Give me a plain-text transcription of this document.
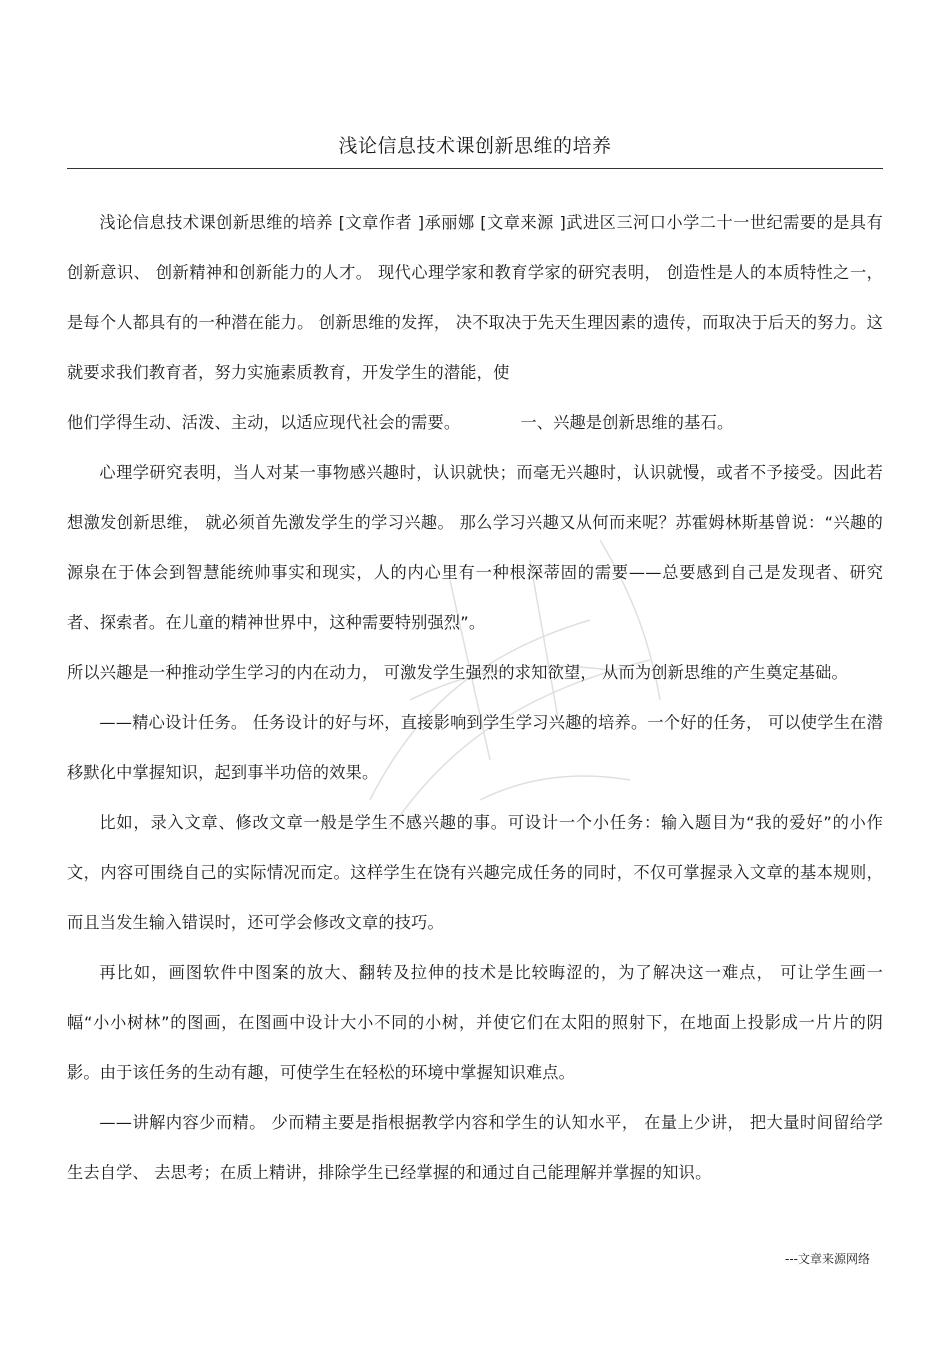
浅论信息技术课创新思维的培养

浅论信息技术课创新思维的培养 [文章作者 ]承丽娜 [文章来源 ]武进区三河口小学二十一世纪需要的是具有创新意识、 创新精神和创新能力的人才。 现代心理学家和教育学家的研究表明， 创造性是人的本质特性之一， 是每个人都具有的一种潜在能力。 创新思维的发挥， 决不取决于先天生理因素的遗传，而取决于后天的努力。这就要求我们教育者，努力实施素质教育，开发学生的潜能，使

他们学得生动、活泼、主动，以适应现代社会的需要。	一、兴趣是创新思维的基石。

心理学研究表明，当人对某一事物感兴趣时，认识就快；而毫无兴趣时，认识就慢，或者不予接受。因此若想激发创新思维， 就必须首先激发学生的学习兴趣。 那么学习兴趣又从何而来呢？苏霍姆林斯基曾说：“兴趣的源泉在于体会到智慧能统帅事实和现实，人的内心里有一种根深蒂固的需要——总要感到自己是发现者、研究者、探索者。在儿童的精神世界中，这种需要特别强烈”。

所以兴趣是一种推动学生学习的内在动力， 可激发学生强烈的求知欲望， 从而为创新思维的产生奠定基础。

——精心设计任务。 任务设计的好与坏，直接影响到学生学习兴趣的培养。一个好的任务， 可以使学生在潜移默化中掌握知识，起到事半功倍的效果。

比如，录入文章、修改文章一般是学生不感兴趣的事。可设计一个小任务：输入题目为“我的爱好”的小作文，内容可围绕自己的实际情况而定。这样学生在饶有兴趣完成任务的同时，不仅可掌握录入文章的基本规则，而且当发生输入错误时，还可学会修改文章的技巧。

再比如，画图软件中图案的放大、翻转及拉伸的技术是比较晦涩的，为了解决这一难点， 可让学生画一幅“小小树林”的图画，在图画中设计大小不同的小树，并使它们在太阳的照射下，在地面上投影成一片片的阴影。由于该任务的生动有趣，可使学生在轻松的环境中掌握知识难点。

——讲解内容少而精。 少而精主要是指根据教学内容和学生的认知水平， 在量上少讲， 把大量时间留给学生去自学、 去思考；在质上精讲，排除学生已经掌握的和通过自己能理解并掌握的知识。

---文章来源网络
